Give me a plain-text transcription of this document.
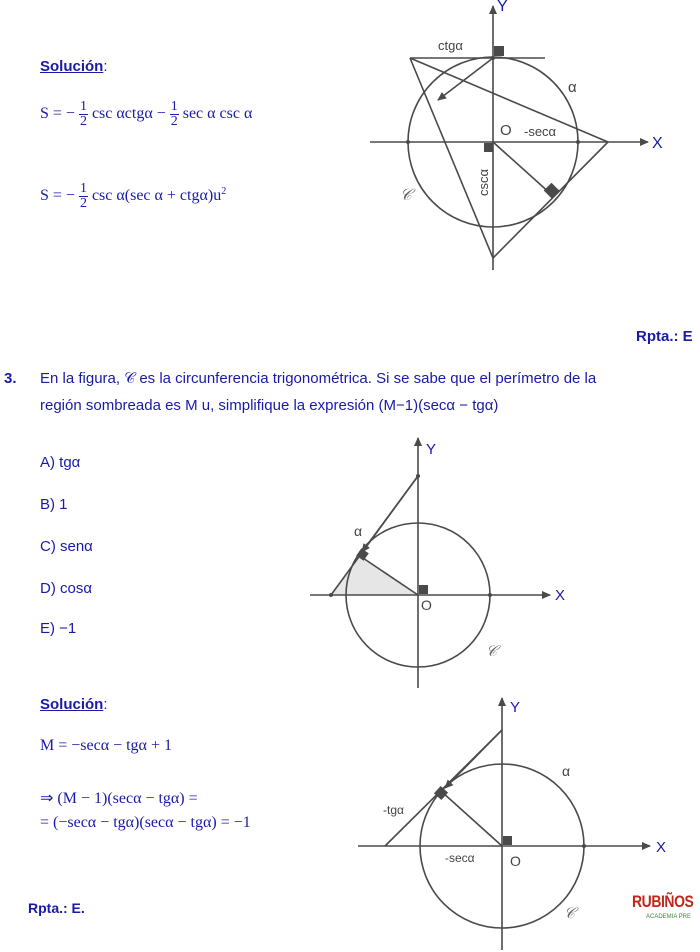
Solución:
S = − $\frac{1}{2}$ $\csc \alpha ctg\alpha - \frac{1}{2}$ sec α csc α
S = − $\frac{1}{2}$ csc α(sec $\alpha + ctg\alpha)u^2$
Rpta.: E
Y
X
ctgα
α
O -secα
cscα
𝒞
3. En la figura, 𝒞 es la circunferencia trigonométrica. Si se sabe que el perímetro de la
región sombreada es M u, simplifique la expresión (M−1)(secα − tgα)
A) tgα
B) 1
C) senα
D) cosα
E) −1
Y
X
α
O
𝒞
Solución:
M = −secα − tgα + 1
⇒ (M − 1)(secα − tgα) =
= (−secα − tgα)(secα − tgα) = −1
Rpta.: E.
Y
X
α
O
-tgα
-secα
𝒞
RUBIÑOS
ACADEMIA PRE
